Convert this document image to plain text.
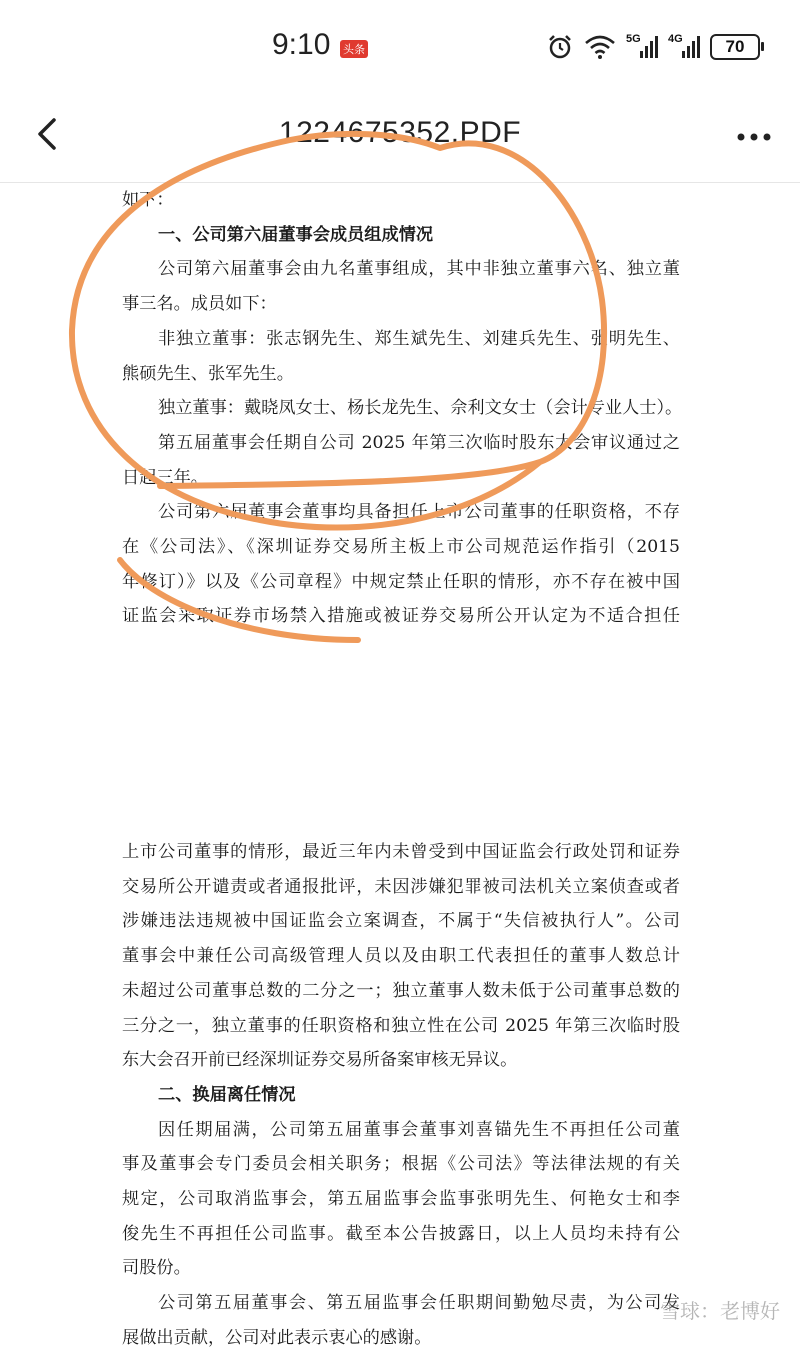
9:10 头条
5G 4G	70
1224675352.PDF
如下：
一、公司第六届董事会成员组成情况
公司第六届董事会由九名董事组成，其中非独立董事六名、独立董
事三名。成员如下：
非独立董事：张志钢先生、郑生斌先生、刘建兵先生、张明先生、
熊硕先生、张军先生。
独立董事：戴晓凤女士、杨长龙先生、佘利文女士（会计专业人士）。
第五届董事会任期自公司 2025 年第三次临时股东大会审议通过之
日起三年。
公司第六届董事会董事均具备担任上市公司董事的任职资格，不存
在《公司法》、《深圳证券交易所主板上市公司规范运作指引（2015
年修订）》以及《公司章程》中规定禁止任职的情形，亦不存在被中国
证监会采取证券市场禁入措施或被证券交易所公开认定为不适合担任
上市公司董事的情形，最近三年内未曾受到中国证监会行政处罚和证券
交易所公开谴责或者通报批评，未因涉嫌犯罪被司法机关立案侦查或者
涉嫌违法违规被中国证监会立案调查，不属于“失信被执行人”。公司
董事会中兼任公司高级管理人员以及由职工代表担任的董事人数总计
未超过公司董事总数的二分之一；独立董事人数未低于公司董事总数的
三分之一，独立董事的任职资格和独立性在公司 2025 年第三次临时股
东大会召开前已经深圳证券交易所备案审核无异议。
二、换届离任情况
因任期届满，公司第五届董事会董事刘喜锚先生不再担任公司董
事及董事会专门委员会相关职务；根据《公司法》等法律法规的有关
规定，公司取消监事会，第五届监事会监事张明先生、何艳女士和李
俊先生不再担任公司监事。截至本公告披露日，以上人员均未持有公
司股份。
公司第五届董事会、第五届监事会任职期间勤勉尽责，为公司发
展做出贡献，公司对此表示衷心的感谢。
雪球：老博好
